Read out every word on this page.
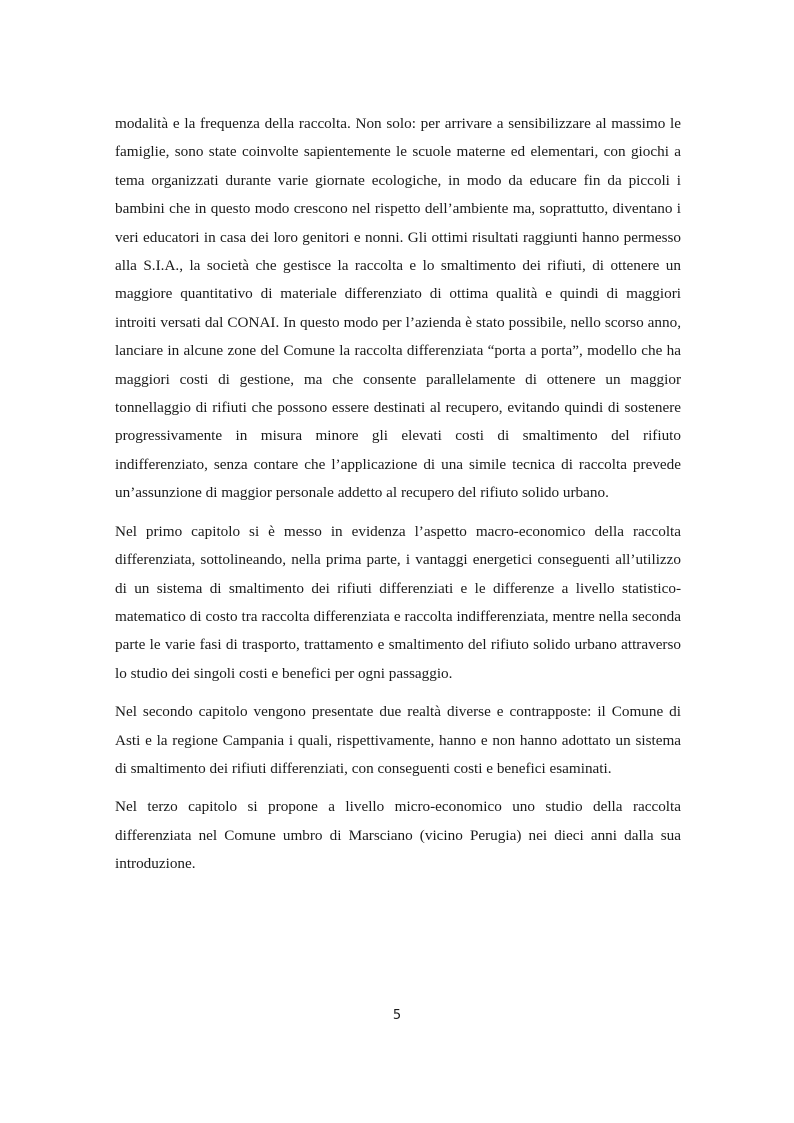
modalità e la frequenza della raccolta. Non solo: per arrivare a sensibilizzare al massimo le famiglie, sono state coinvolte sapientemente le scuole materne ed elementari, con giochi a tema organizzati durante varie giornate ecologiche, in modo da educare fin da piccoli i bambini che in questo modo crescono nel rispetto dell’ambiente ma, soprattutto, diventano i veri educatori in casa dei loro genitori e nonni. Gli ottimi risultati raggiunti hanno permesso alla S.I.A., la società che gestisce la raccolta e lo smaltimento dei rifiuti, di ottenere un maggiore quantitativo di materiale differenziato di ottima qualità e quindi di maggiori introiti versati dal CONAI. In questo modo per l’azienda è stato possibile, nello scorso anno, lanciare in alcune zone del Comune la raccolta differenziata “porta a porta”, modello che ha maggiori costi di gestione, ma che consente parallelamente di ottenere un maggior tonnellaggio di rifiuti che possono essere destinati al recupero, evitando quindi di sostenere progressivamente in misura minore gli elevati costi di smaltimento del rifiuto indifferenziato, senza contare che l’applicazione di una simile tecnica di raccolta prevede un’assunzione di maggior personale addetto al recupero del rifiuto solido urbano.

Nel primo capitolo si è messo in evidenza l’aspetto macro-economico della raccolta differenziata, sottolineando, nella prima parte, i vantaggi energetici conseguenti all’utilizzo di un sistema di smaltimento dei rifiuti differenziati e le differenze a livello statistico-matematico di costo tra raccolta differenziata e raccolta indifferenziata, mentre nella seconda parte le varie fasi di trasporto, trattamento e smaltimento del rifiuto solido urbano attraverso lo studio dei singoli costi e benefici per ogni passaggio.

Nel secondo capitolo vengono presentate due realtà diverse e contrapposte: il Comune di Asti e la regione Campania i quali, rispettivamente, hanno e non hanno adottato un sistema di smaltimento dei rifiuti differenziati, con conseguenti costi e benefici esaminati.

Nel terzo capitolo si propone a livello micro-economico uno studio della raccolta differenziata nel Comune umbro di Marsciano (vicino Perugia) nei dieci anni dalla sua introduzione.

5
